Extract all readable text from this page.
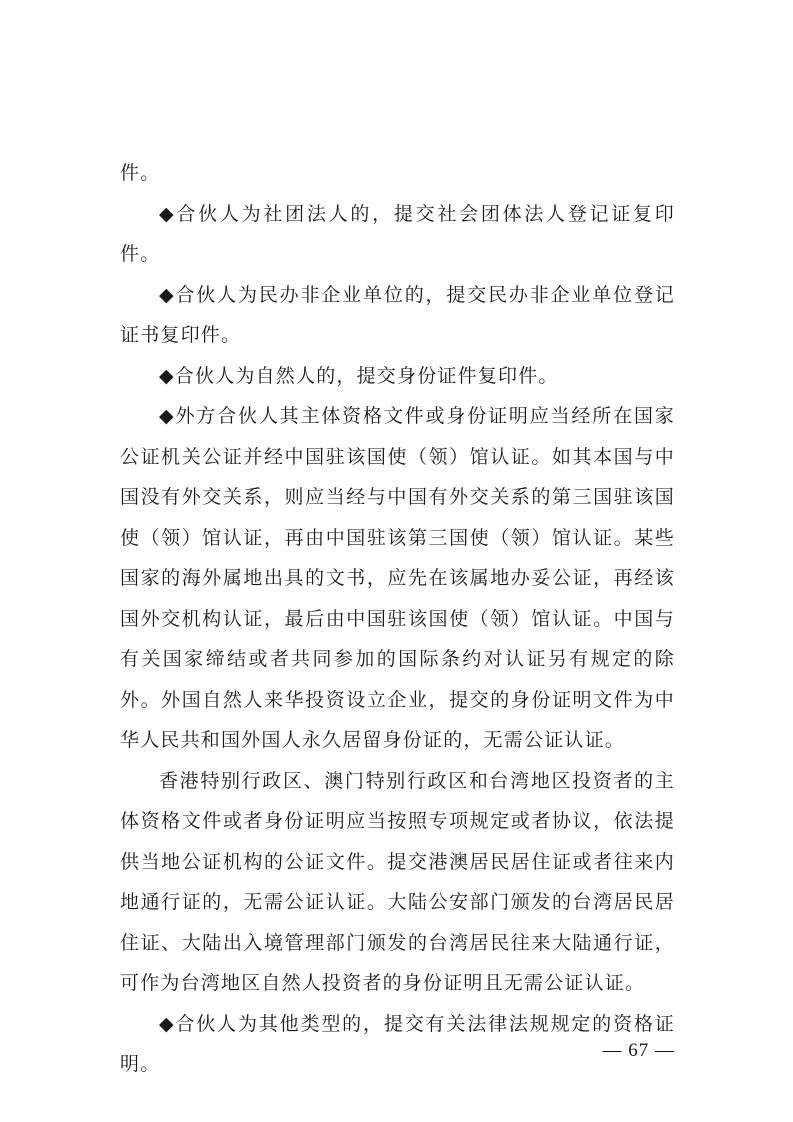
件。

◆合伙人为社团法人的，提交社会团体法人登记证复印件。

◆合伙人为民办非企业单位的，提交民办非企业单位登记证书复印件。

◆合伙人为自然人的，提交身份证件复印件。

◆外方合伙人其主体资格文件或身份证明应当经所在国家公证机关公证并经中国驻该国使（领）馆认证。如其本国与中国没有外交关系，则应当经与中国有外交关系的第三国驻该国使（领）馆认证，再由中国驻该第三国使（领）馆认证。某些国家的海外属地出具的文书，应先在该属地办妥公证，再经该国外交机构认证，最后由中国驻该国使（领）馆认证。中国与有关国家缔结或者共同参加的国际条约对认证另有规定的除外。外国自然人来华投资设立企业，提交的身份证明文件为中华人民共和国外国人永久居留身份证的，无需公证认证。

香港特别行政区、澳门特别行政区和台湾地区投资者的主体资格文件或者身份证明应当按照专项规定或者协议，依法提供当地公证机构的公证文件。提交港澳居民居住证或者往来内地通行证的，无需公证认证。大陆公安部门颁发的台湾居民居住证、大陆出入境管理部门颁发的台湾居民往来大陆通行证，可作为台湾地区自然人投资者的身份证明且无需公证认证。

◆合伙人为其他类型的，提交有关法律法规规定的资格证明。

— 67 —
